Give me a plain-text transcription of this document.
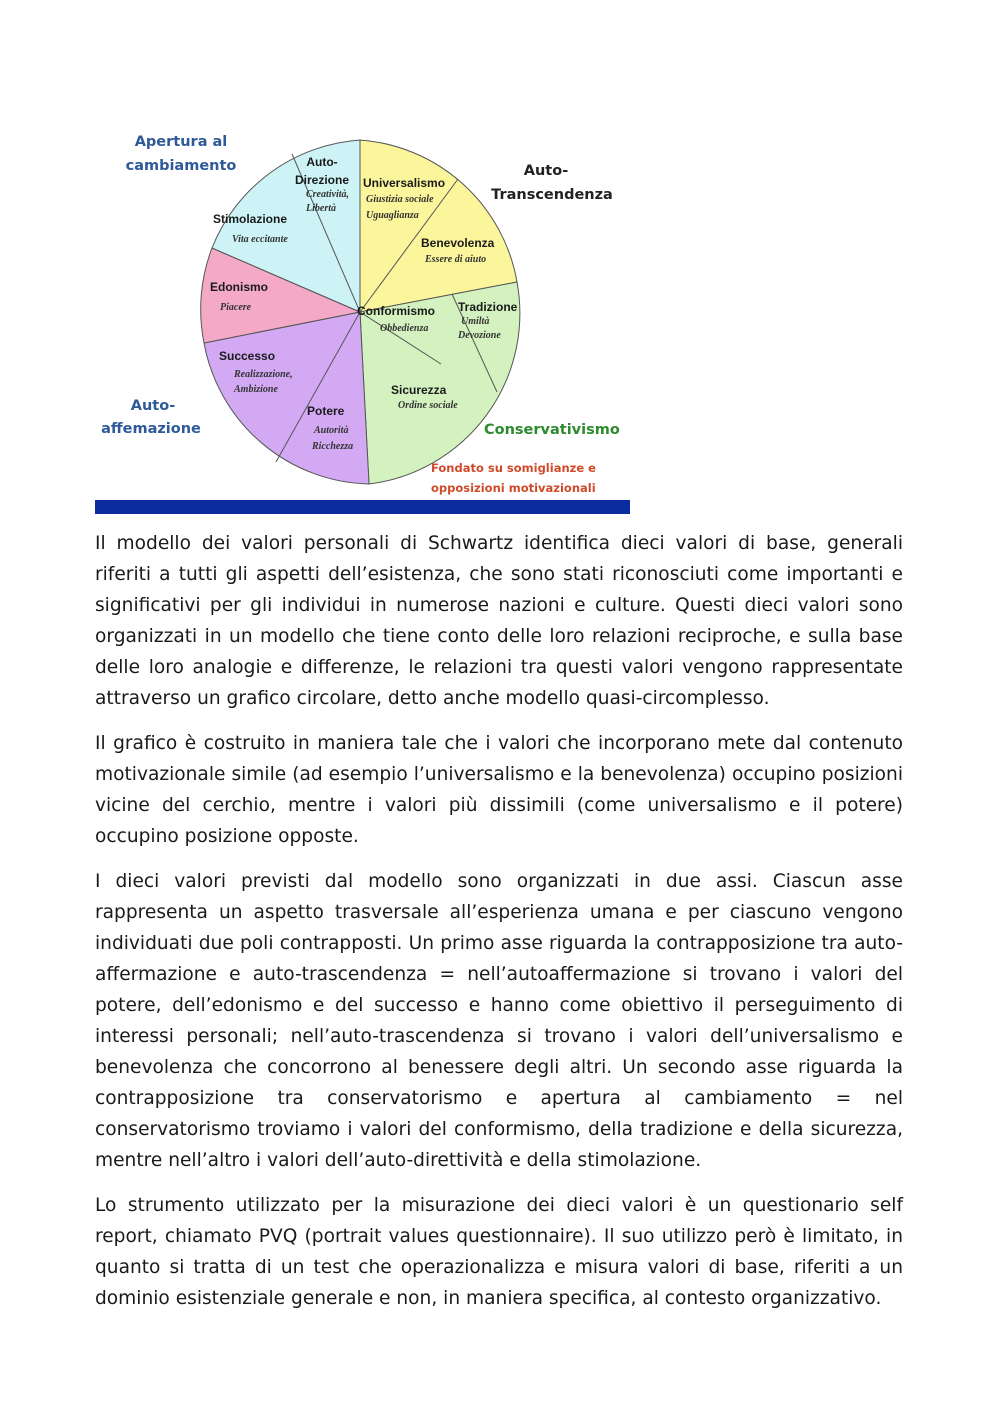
Auto-
Direzione
Creatività,
Libertà
Universalismo
Giustizia sociale
Uguaglianza
Benevolenza
Essere di aiuto
Tradizione
Umiltà
Devozione
Conformismo
Obbedienza
Sicurezza
Ordine sociale
Potere
Autorità
Ricchezza
Successo
Realizzazione,
Ambizione
Edonismo
Piacere
Stimolazione
Vita eccitante
Apertura al
cambiamento	Auto-
Transcendenza
Auto-
affemazione	Conservativismo
Fondato su somiglianze e
opposizioni motivazionali

Il modello dei valori personali di Schwartz identifica dieci valori di base, generali riferiti a tutti gli aspetti dell’esistenza, che sono stati riconosciuti come importanti e significativi per gli individui in numerose nazioni e culture. Questi dieci valori sono organizzati in un modello che tiene conto delle loro relazioni reciproche, e sulla base delle loro analogie e differenze, le relazioni tra questi valori vengono rappresentate attraverso un grafico circolare, detto anche modello quasi-circomplesso.

Il grafico è costruito in maniera tale che i valori che incorporano mete dal contenuto motivazionale simile (ad esempio l’universalismo e la benevolenza) occupino posizioni vicine del cerchio, mentre i valori più dissimili (come universalismo e il potere) occupino posizione opposte.

I dieci valori previsti dal modello sono organizzati in due assi. Ciascun asse rappresenta un aspetto trasversale all’esperienza umana e per ciascuno vengono individuati due poli contrapposti. Un primo asse riguarda la contrapposizione tra auto-affermazione e auto-trascendenza = nell’autoaffermazione si trovano i valori del potere, dell’edonismo e del successo e hanno come obiettivo il perseguimento di interessi personali; nell’auto-trascendenza si trovano i valori dell’universalismo e benevolenza che concorrono al benessere degli altri. Un secondo asse riguarda la contrapposizione tra conservatorismo e apertura al cambiamento = nel conservatorismo troviamo i valori del conformismo, della tradizione e della sicurezza, mentre nell’altro i valori dell’auto-direttività e della stimolazione.

Lo strumento utilizzato per la misurazione dei dieci valori è un questionario self report, chiamato PVQ (portrait values questionnaire). Il suo utilizzo però è limitato, in quanto si tratta di un test che operazionalizza e misura valori di base, riferiti a un dominio esistenziale generale e non, in maniera specifica, al contesto organizzativo.
